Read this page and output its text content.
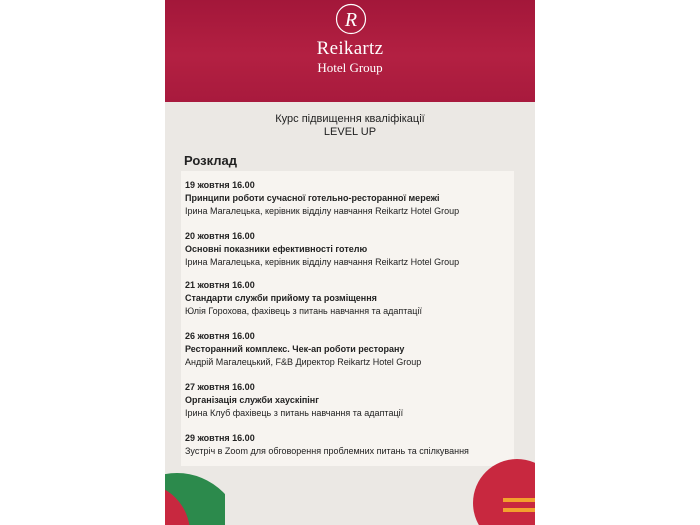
R
Reikartz
Hotel Group
Курс підвищення кваліфікації
LEVEL UP
Розклад
19 жовтня 16.00
Принципи роботи сучасної готельно-ресторанної мережі
Ірина Магалецька, керівник відділу навчання Reikartz Hotel Group
20 жовтня 16.00
Основні показники ефективності готелю
Ірина Магалецька, керівник відділу навчання Reikartz Hotel Group
21 жовтня 16.00
Стандарти служби прийому та розміщення
Юлія Горохова, фахівець з питань навчання та адаптації
26 жовтня 16.00
Ресторанний комплекс. Чек-ап роботи ресторану
Андрій Магалецький, F&B Директор Reikartz Hotel Group
27 жовтня 16.00
Організація служби хаускіпінг
Ірина Клуб фахівець з питань навчання та адаптації
29 жовтня 16.00
Зустріч в Zoom для обговорення проблемних питань та спілкування
